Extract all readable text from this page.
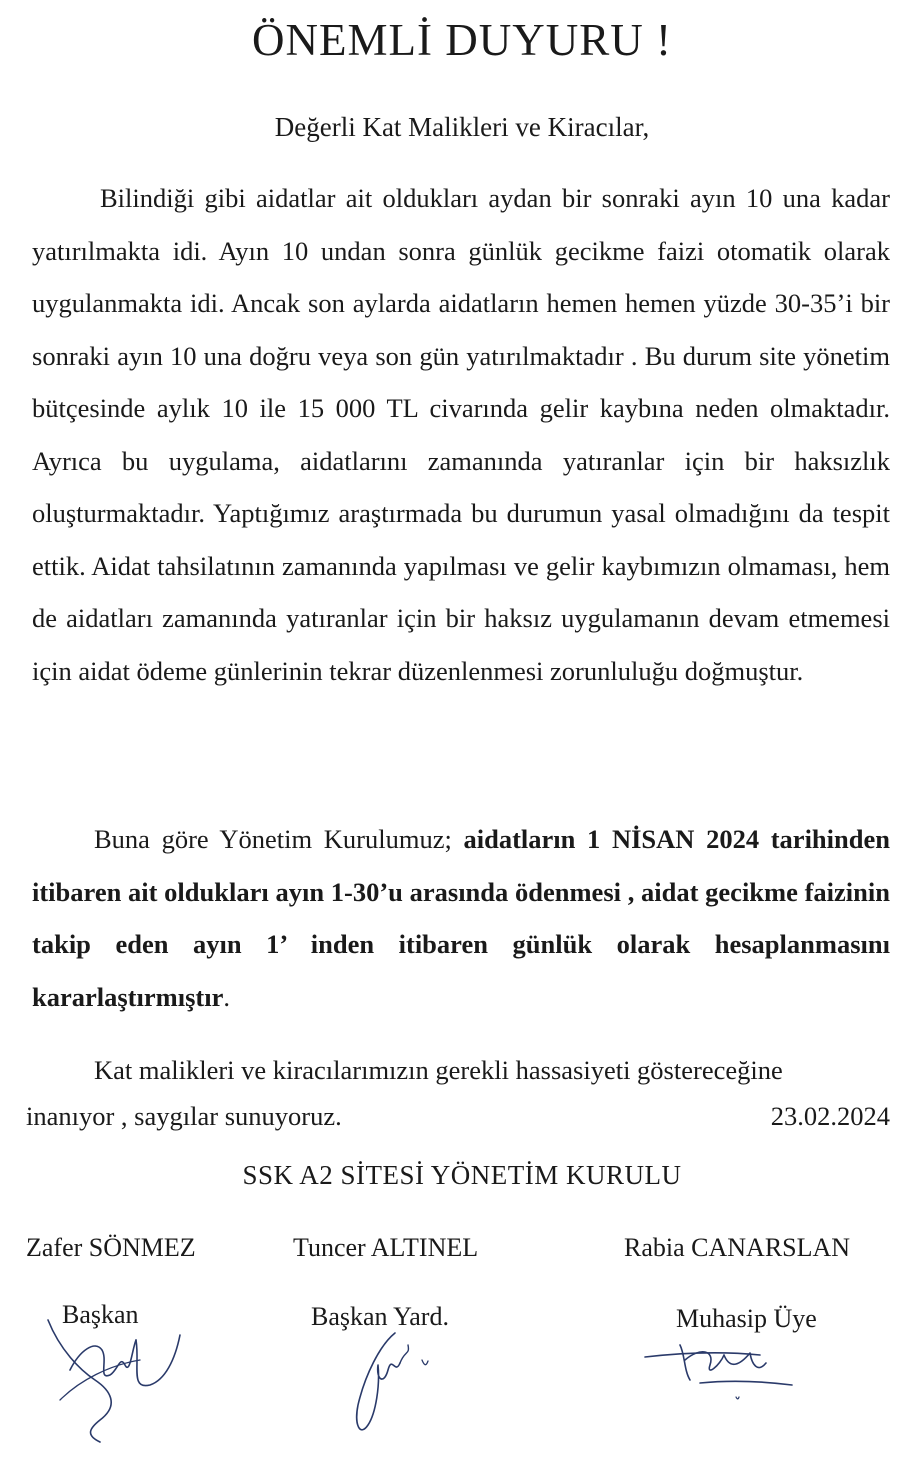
ÖNEMLİ DUYURU !
Değerli Kat Malikleri ve Kiracılar,
Bilindiği gibi aidatlar ait oldukları aydan bir sonraki ayın 10 una kadar yatırılmakta idi. Ayın 10 undan sonra günlük gecikme faizi otomatik olarak uygulanmakta idi. Ancak son aylarda aidatların hemen hemen yüzde 30-35’i bir sonraki ayın 10 una doğru veya son gün yatırılmaktadır . Bu durum site yönetim bütçesinde aylık 10 ile 15 000 TL civarında gelir kaybına neden olmaktadır. Ayrıca bu uygulama, aidatlarını zamanında yatıranlar için bir haksızlık oluşturmaktadır. Yaptığımız araştırmada bu durumun yasal olmadığını da tespit ettik. Aidat tahsilatının zamanında yapılması ve gelir kaybımızın olmaması, hem de aidatları zamanında yatıranlar için bir haksız uygulamanın devam etmemesi için aidat ödeme günlerinin tekrar düzenlenmesi zorunluluğu doğmuştur.
Buna göre Yönetim Kurulumuz; aidatların 1 NİSAN 2024 tarihinden itibaren ait oldukları ayın 1-30’u arasında ödenmesi , aidat gecikme faizinin takip eden ayın 1’ inden itibaren günlük olarak hesaplanmasını kararlaştırmıştır.
Kat malikleri ve kiracılarımızın gerekli hassasiyeti göstereceğine
inanıyor , saygılar sunuyoruz.	23.02.2024
SSK A2 SİTESİ YÖNETİM KURULU
Zafer SÖNMEZ	Tuncer ALTINEL	Rabia CANARSLAN
Başkan	Başkan Yard.	Muhasip Üye
